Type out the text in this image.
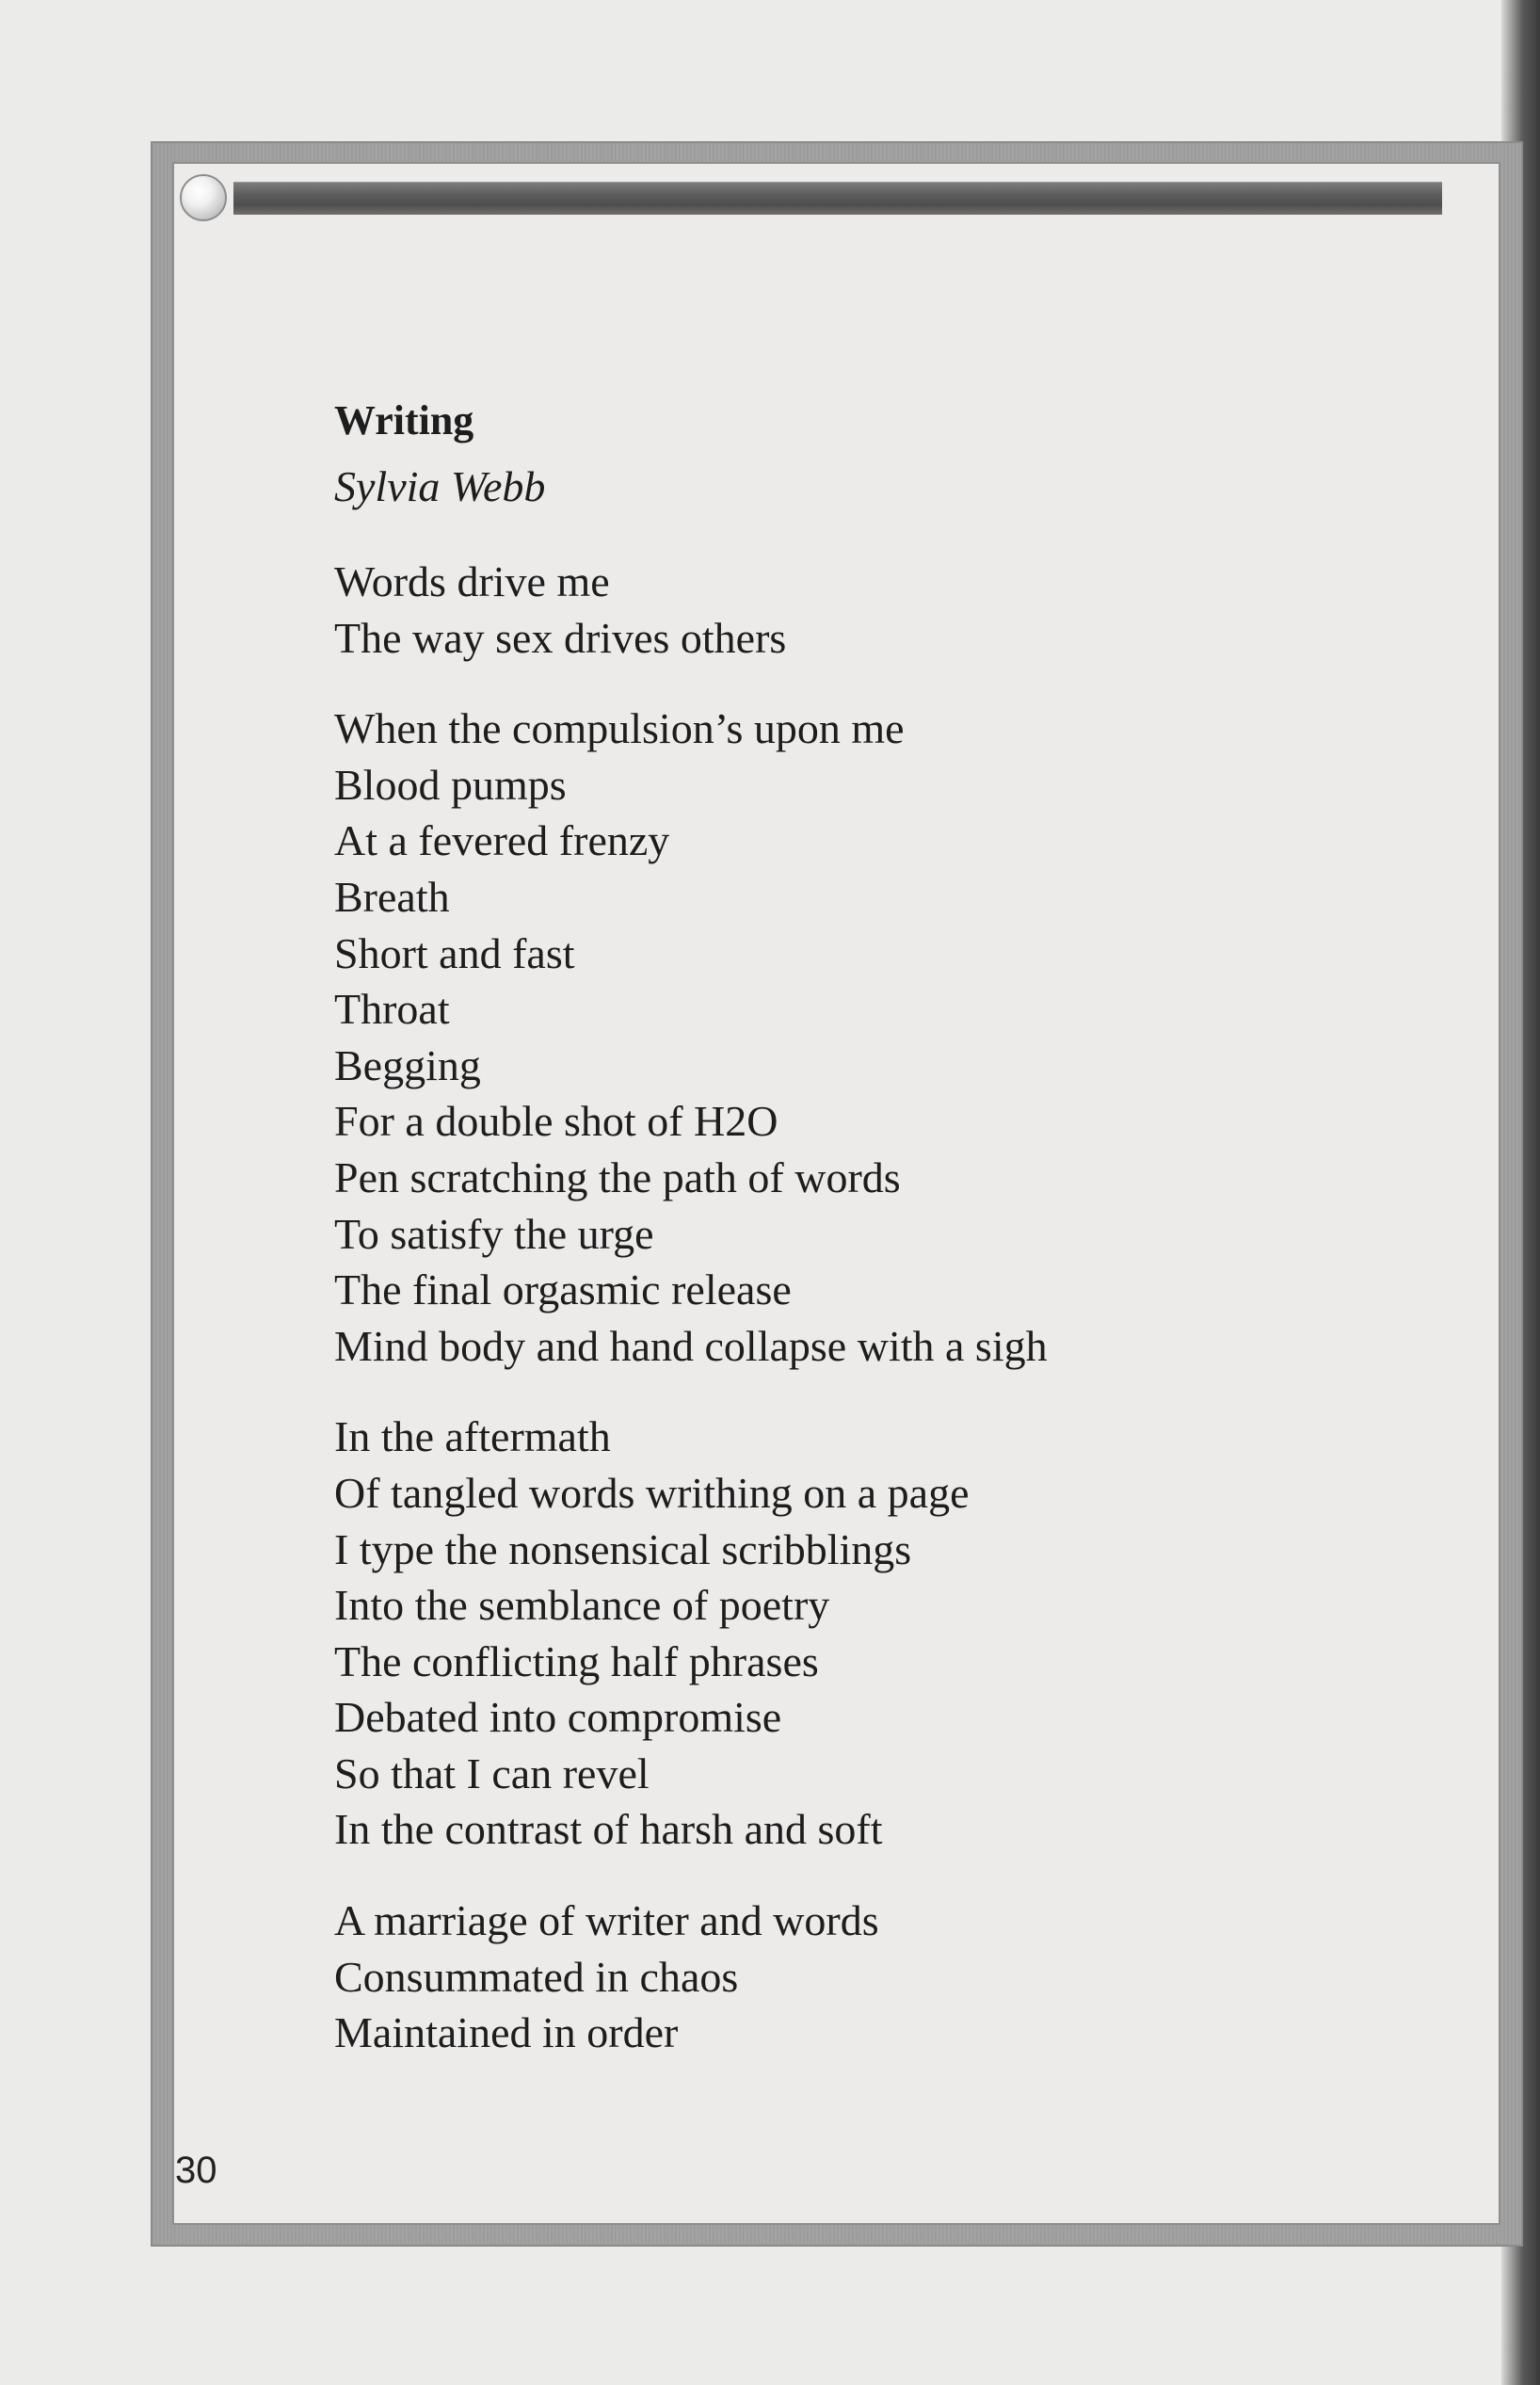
Writing

Sylvia Webb

Words drive me
The way sex drives others
When the compulsion’s upon me
Blood pumps
At a fevered frenzy
Breath
Short and fast
Throat
Begging
For a double shot of H2O
Pen scratching the path of words
To satisfy the urge
The final orgasmic release
Mind body and hand collapse with a sigh
In the aftermath
Of tangled words writhing on a page
I type the nonsensical scribblings
Into the semblance of poetry
The conflicting half phrases
Debated into compromise
So that I can revel
In the contrast of harsh and soft
A marriage of writer and words
Consummated in chaos
Maintained in order
30
